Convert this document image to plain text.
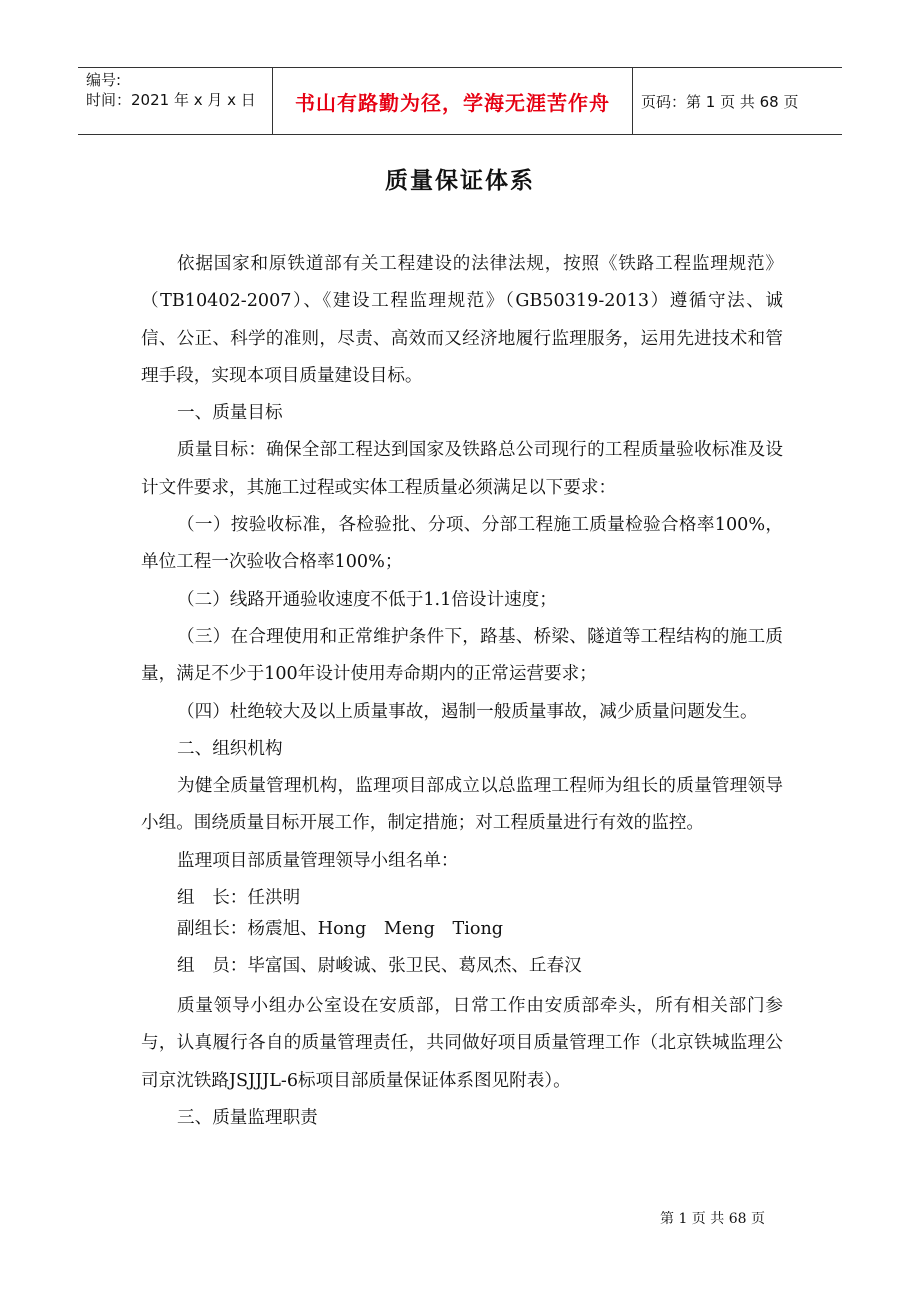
编号:
时间：2021 年 x 月 x 日	书山有路勤为径，学海无涯苦作舟	页码：第 1 页 共 68 页
质量保证体系

依据国家和原铁道部有关工程建设的法律法规，按照《铁路工程监理规范》（TB10402-2007）、《建设工程监理规范》（GB50319-2013）遵循守法、诚信、公正、科学的准则，尽责、高效而又经济地履行监理服务，运用先进技术和管理手段，实现本项目质量建设目标。

一、质量目标

质量目标：确保全部工程达到国家及铁路总公司现行的工程质量验收标准及设计文件要求，其施工过程或实体工程质量必须满足以下要求：

（一）按验收标准，各检验批、分项、分部工程施工质量检验合格率100%，单位工程一次验收合格率100%；

（二）线路开通验收速度不低于1.1倍设计速度；

（三）在合理使用和正常维护条件下，路基、桥梁、隧道等工程结构的施工质量，满足不少于100年设计使用寿命期内的正常运营要求；

（四）杜绝较大及以上质量事故，遏制一般质量事故，减少质量问题发生。

二、组织机构

为健全质量管理机构，监理项目部成立以总监理工程师为组长的质量管理领导小组。围绕质量目标开展工作，制定措施；对工程质量进行有效的监控。

监理项目部质量管理领导小组名单：

组　长：任洪明

副组长：杨震旭、Hong　Meng　Tiong

组　员：毕富国、尉峻诚、张卫民、葛凤杰、丘春汉

质量领导小组办公室设在安质部，日常工作由安质部牵头，所有相关部门参与，认真履行各自的质量管理责任，共同做好项目质量管理工作（北京铁城监理公司京沈铁路JSJJJL-6标项目部质量保证体系图见附表）。

三、质量监理职责

第 1 页 共 68 页
